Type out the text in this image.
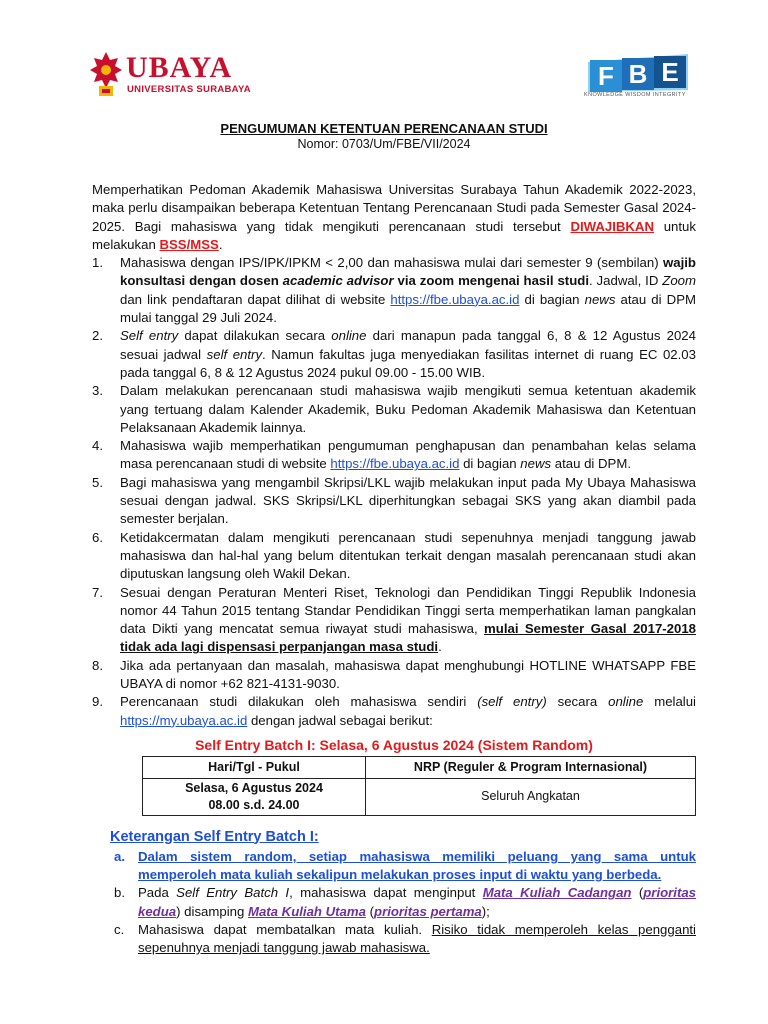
UBAYA
UNIVERSITAS SURABAYA	F B E
KNOWLEDGE WISDOM INTEGRITY
PENGUMUMAN KETENTUAN PERENCANAAN STUDI
Nomor: 0703/Um/FBE/VII/2024

Memperhatikan Pedoman Akademik Mahasiswa Universitas Surabaya Tahun Akademik 2022-2023, maka perlu disampaikan beberapa Ketentuan Tentang Perencanaan Studi pada Semester Gasal 2024-2025. Bagi mahasiswa yang tidak mengikuti perencanaan studi tersebut DIWAJIBKAN untuk melakukan BSS/MSS.

1. Mahasiswa dengan IPS/IPK/IPKM < 2,00 dan mahasiswa mulai dari semester 9 (sembilan) wajib konsultasi dengan dosen academic advisor via zoom mengenai hasil studi. Jadwal, ID Zoom dan link pendaftaran dapat dilihat di website https://fbe.ubaya.ac.id di bagian news atau di DPM mulai tanggal 29 Juli 2024.
2. Self entry dapat dilakukan secara online dari manapun pada tanggal 6, 8 & 12 Agustus 2024 sesuai jadwal self entry. Namun fakultas juga menyediakan fasilitas internet di ruang EC 02.03 pada tanggal 6, 8 & 12 Agustus 2024 pukul 09.00 - 15.00 WIB.
3. Dalam melakukan perencanaan studi mahasiswa wajib mengikuti semua ketentuan akademik yang tertuang dalam Kalender Akademik, Buku Pedoman Akademik Mahasiswa dan Ketentuan Pelaksanaan Akademik lainnya.
4. Mahasiswa wajib memperhatikan pengumuman penghapusan dan penambahan kelas selama masa perencanaan studi di website https://fbe.ubaya.ac.id di bagian news atau di DPM.
5. Bagi mahasiswa yang mengambil Skripsi/LKL wajib melakukan input pada My Ubaya Mahasiswa sesuai dengan jadwal. SKS Skripsi/LKL diperhitungkan sebagai SKS yang akan diambil pada semester berjalan.
6. Ketidakcermatan dalam mengikuti perencanaan studi sepenuhnya menjadi tanggung jawab mahasiswa dan hal-hal yang belum ditentukan terkait dengan masalah perencanaan studi akan diputuskan langsung oleh Wakil Dekan.
7. Sesuai dengan Peraturan Menteri Riset, Teknologi dan Pendidikan Tinggi Republik Indonesia nomor 44 Tahun 2015 tentang Standar Pendidikan Tinggi serta memperhatikan laman pangkalan data Dikti yang mencatat semua riwayat studi mahasiswa, mulai Semester Gasal 2017-2018 tidak ada lagi dispensasi perpanjangan masa studi.
8. Jika ada pertanyaan dan masalah, mahasiswa dapat menghubungi HOTLINE WHATSAPP FBE UBAYA di nomor +62 821-4131-9030.
9. Perencanaan studi dilakukan oleh mahasiswa sendiri (self entry) secara online melalui https://my.ubaya.ac.id dengan jadwal sebagai berikut:
Self Entry Batch I: Selasa, 6 Agustus 2024 (Sistem Random)
Hari/Tgl - Pukul	NRP (Reguler & Program Internasional)

Selasa, 6 Agustus 2024
08.00 s.d. 24.00	Seluruh Angkatan
Keterangan Self Entry Batch I:
a. Dalam sistem random, setiap mahasiswa memiliki peluang yang sama untuk memperoleh mata kuliah sekalipun melakukan proses input di waktu yang berbeda.
b. Pada Self Entry Batch I, mahasiswa dapat menginput Mata Kuliah Cadangan (prioritas kedua) disamping Mata Kuliah Utama (prioritas pertama);
c. Mahasiswa dapat membatalkan mata kuliah. Risiko tidak memperoleh kelas pengganti sepenuhnya menjadi tanggung jawab mahasiswa.
